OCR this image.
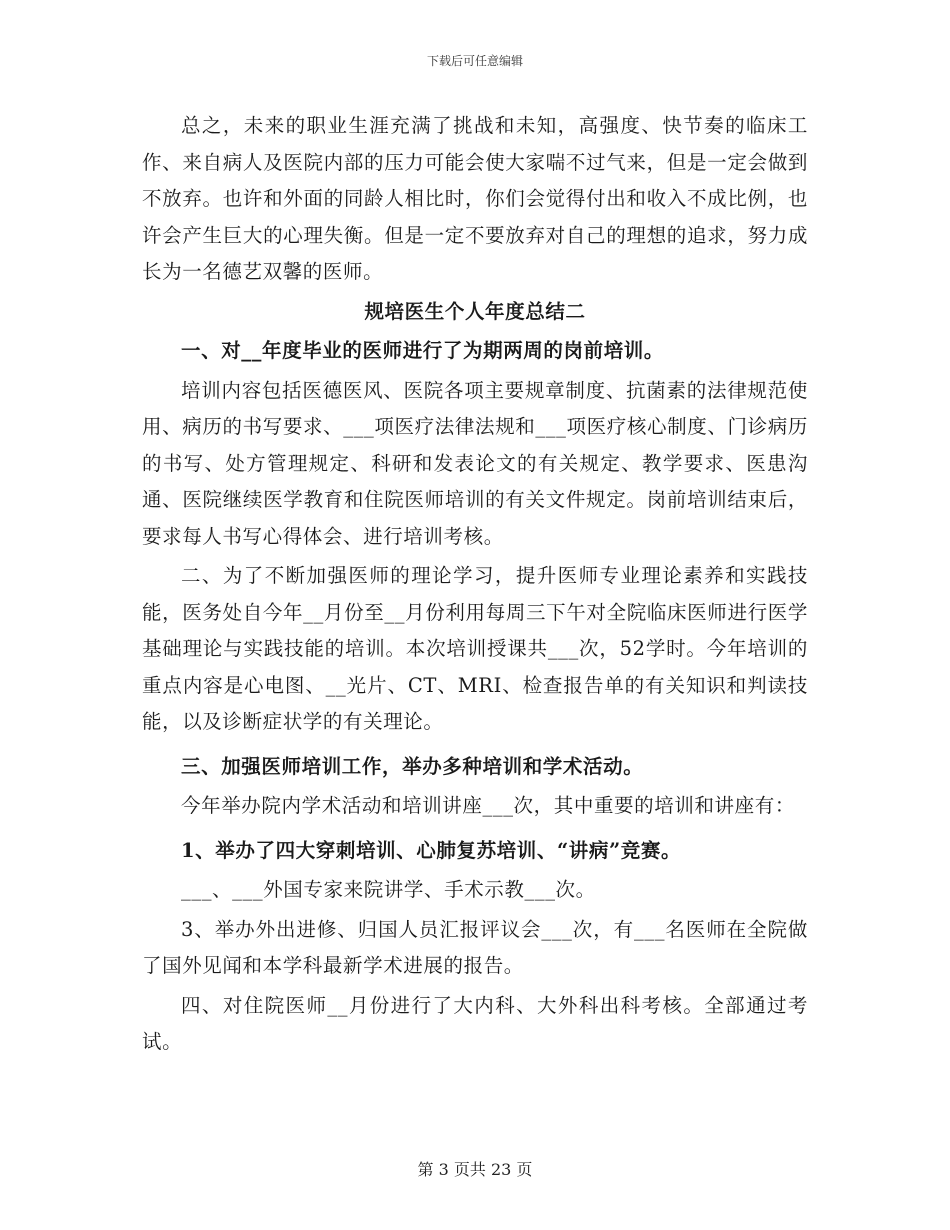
下载后可任意编辑

总之，未来的职业生涯充满了挑战和未知，高强度、快节奏的临床工作、来自病人及医院内部的压力可能会使大家喘不过气来，但是一定会做到不放弃。也许和外面的同龄人相比时，你们会觉得付出和收入不成比例，也许会产生巨大的心理失衡。但是一定不要放弃对自己的理想的追求，努力成长为一名德艺双馨的医师。

规培医生个人年度总结二

一、对__年度毕业的医师进行了为期两周的岗前培训。

培训内容包括医德医风、医院各项主要规章制度、抗菌素的法律规范使用、病历的书写要求、___项医疗法律法规和___项医疗核心制度、门诊病历的书写、处方管理规定、科研和发表论文的有关规定、教学要求、医患沟通、医院继续医学教育和住院医师培训的有关文件规定。岗前培训结束后，要求每人书写心得体会、进行培训考核。

二、为了不断加强医师的理论学习，提升医师专业理论素养和实践技能，医务处自今年__月份至__月份利用每周三下午对全院临床医师进行医学基础理论与实践技能的培训。本次培训授课共___次，52学时。今年培训的重点内容是心电图、__光片、CT、MRI、检查报告单的有关知识和判读技能，以及诊断症状学的有关理论。

三、加强医师培训工作，举办多种培训和学术活动。

今年举办院内学术活动和培训讲座___次，其中重要的培训和讲座有：

1、举办了四大穿刺培训、心肺复苏培训、“讲病”竞赛。

___、___外国专家来院讲学、手术示教___次。

3、举办外出进修、归国人员汇报评议会___次，有___名医师在全院做了国外见闻和本学科最新学术进展的报告。

四、对住院医师__月份进行了大内科、大外科出科考核。全部通过考试。

第 3 页共 23 页
